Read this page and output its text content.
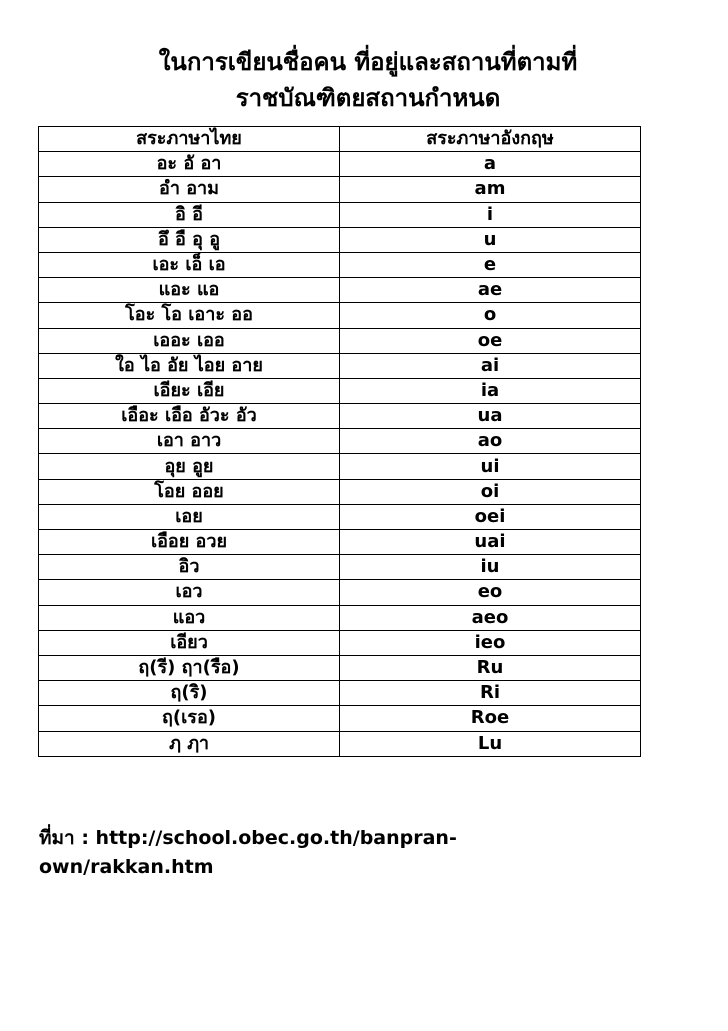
ในการเขียนชื่อคน ที่อยู่และสถานที่ตามที่
ราชบัณฑิตยสถานกำหนด
สระภาษาไทย	สระภาษาอังกฤษ
อะ อั อา	a
อำ อาม	am
อิ อี	i
อึ อื อุ อู	u
เอะ เอ็ เอ	e
แอะ แอ	ae
โอะ โอ เอาะ ออ	o
เออะ เออ	oe
ใอ ไอ อัย ไอย อาย	ai
เอียะ เอีย	ia
เอือะ เอือ อัวะ อัว	ua
เอา อาว	ao
อุย อูย	ui
โอย ออย	oi
เอย	oei
เอือย อวย	uai
อิว	iu
เอว	eo
แอว	aeo
เอียว	ieo
ฤ(รี) ฤา(รือ)	Ru
ฤ(ริ)	Ri
ฤ(เรอ)	Roe
ฦ ฦา	Lu
ที่มา : http://school.obec.go.th/banpran-
own/rakkan.htm
